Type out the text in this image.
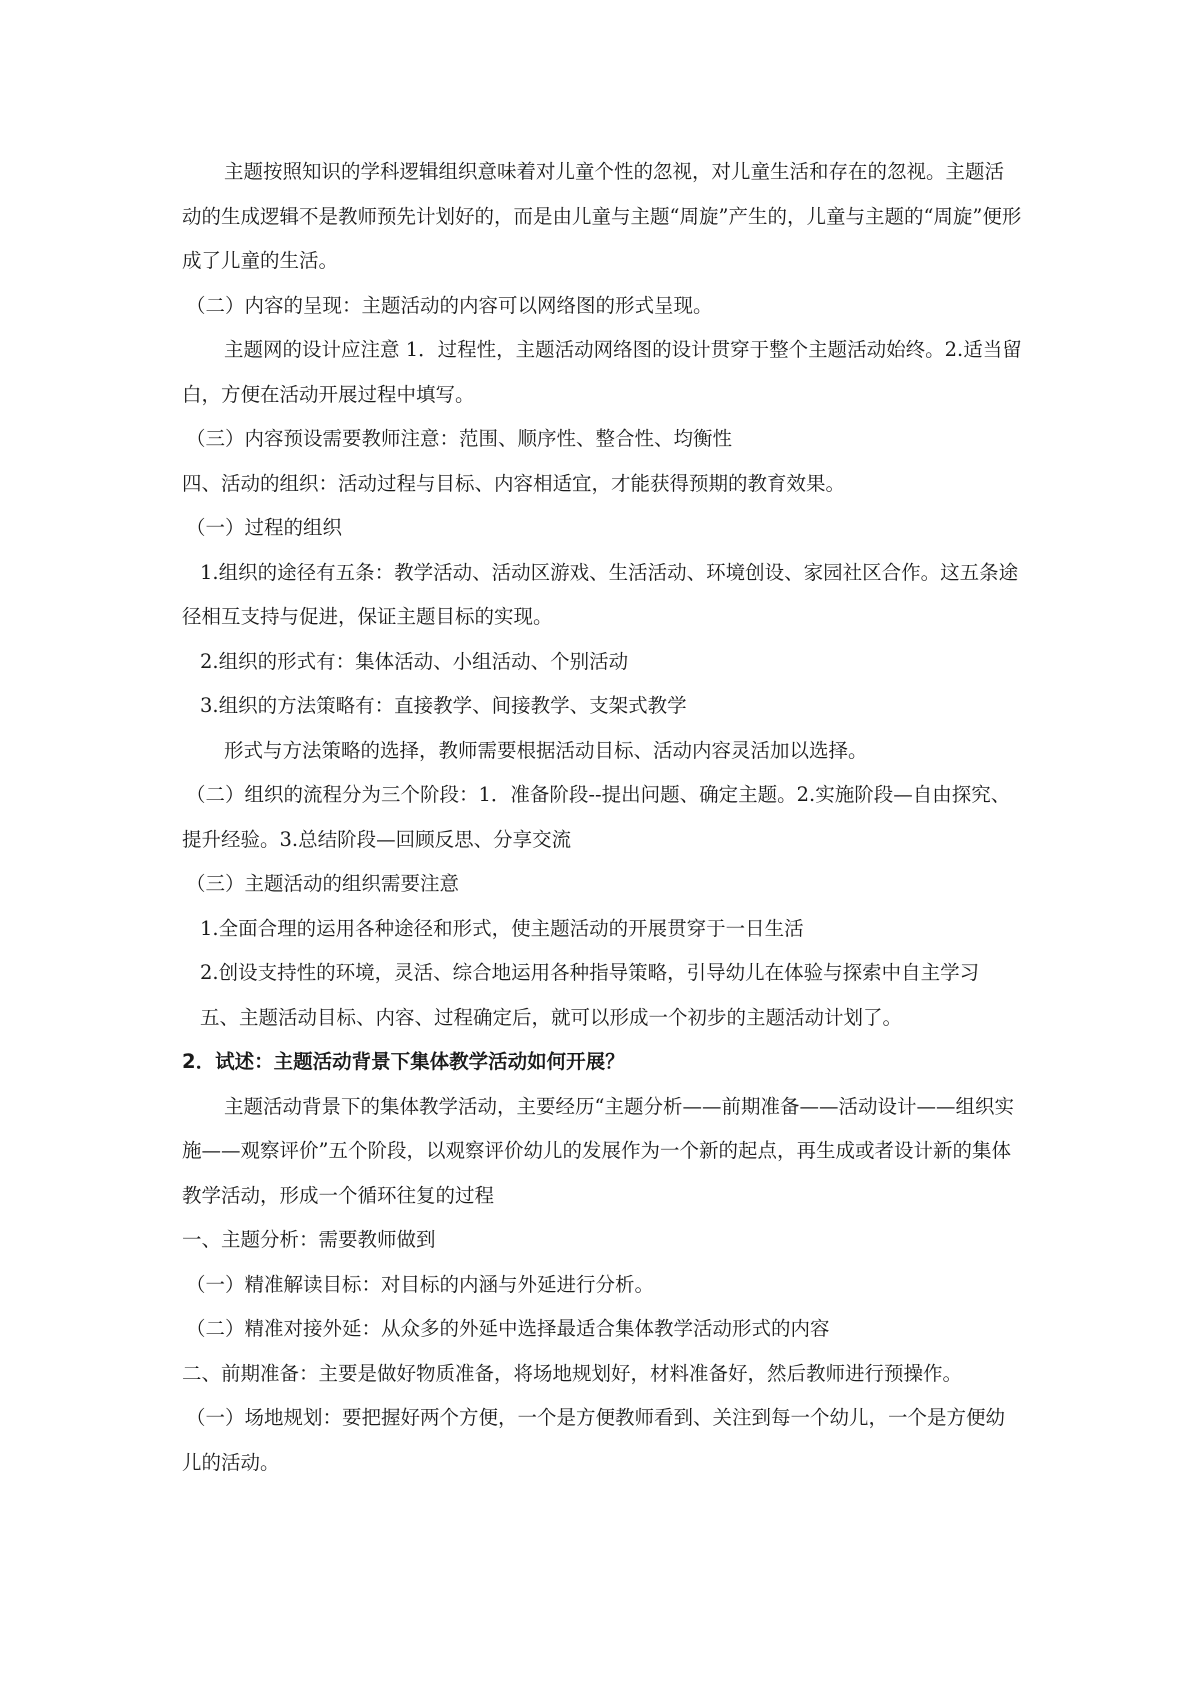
主题按照知识的学科逻辑组织意味着对儿童个性的忽视，对儿童生活和存在的忽视。主题活动的生成逻辑不是教师预先计划好的，而是由儿童与主题“周旋”产生的，儿童与主题的“周旋”便形成了儿童的生活。

（二）内容的呈现：主题活动的内容可以网络图的形式呈现。

主题网的设计应注意 1．过程性，主题活动网络图的设计贯穿于整个主题活动始终。2.适当留白，方便在活动开展过程中填写。

（三）内容预设需要教师注意：范围、顺序性、整合性、均衡性

四、活动的组织：活动过程与目标、内容相适宜，才能获得预期的教育效果。

（一）过程的组织

1.组织的途径有五条：教学活动、活动区游戏、生活活动、环境创设、家园社区合作。这五条途径相互支持与促进，保证主题目标的实现。

2.组织的形式有：集体活动、小组活动、个别活动

3.组织的方法策略有：直接教学、间接教学、支架式教学

形式与方法策略的选择，教师需要根据活动目标、活动内容灵活加以选择。

（二）组织的流程分为三个阶段：1．准备阶段--提出问题、确定主题。2.实施阶段—自由探究、提升经验。3.总结阶段—回顾反思、分享交流

（三）主题活动的组织需要注意

1.全面合理的运用各种途径和形式，使主题活动的开展贯穿于一日生活

2.创设支持性的环境，灵活、综合地运用各种指导策略，引导幼儿在体验与探索中自主学习

五、主题活动目标、内容、过程确定后，就可以形成一个初步的主题活动计划了。

2．试述：主题活动背景下集体教学活动如何开展？

主题活动背景下的集体教学活动，主要经历“主题分析——前期准备——活动设计——组织实施——观察评价”五个阶段，以观察评价幼儿的发展作为一个新的起点，再生成或者设计新的集体教学活动，形成一个循环往复的过程

一、主题分析：需要教师做到

（一）精准解读目标：对目标的内涵与外延进行分析。

（二）精准对接外延：从众多的外延中选择最适合集体教学活动形式的内容

二、前期准备：主要是做好物质准备，将场地规划好，材料准备好，然后教师进行预操作。

（一）场地规划：要把握好两个方便，一个是方便教师看到、关注到每一个幼儿，一个是方便幼儿的活动。
